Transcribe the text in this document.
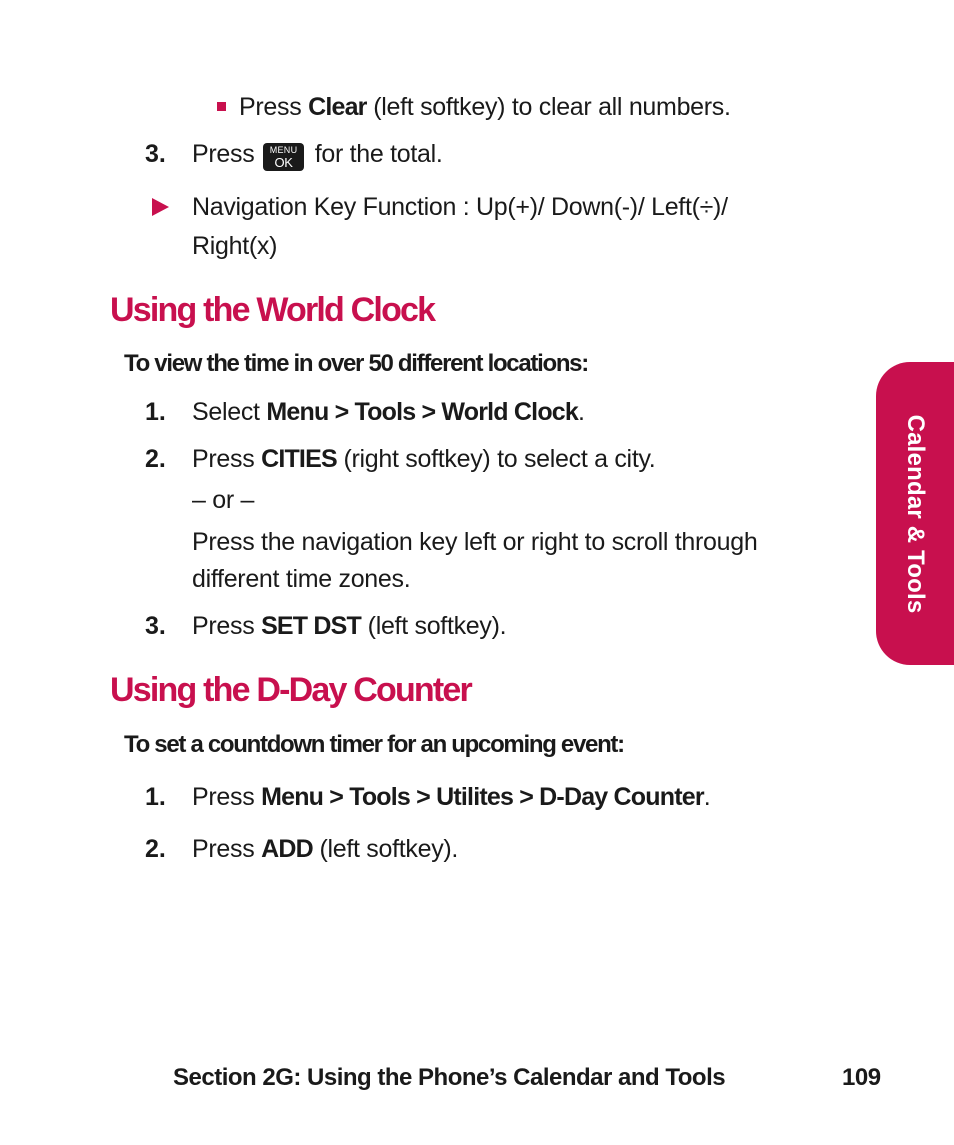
Press Clear (left softkey) to clear all numbers.
3. Press MENU
OK for the total.
Navigation Key Function : Up(+)/ Down(-)/ Left(÷)/
Right(x)
Using the World Clock
To view the time in over 50 different locations:
1. Select Menu > Tools > World Clock.
2. Press CITIES (right softkey) to select a city.
– or –
Press the navigation key left or right to scroll through
different time zones.
3. Press SET DST (left softkey).
Using the D-Day Counter
To set a countdown timer for an upcoming event:
1. Press Menu > Tools > Utilites > D-Day Counter.
2. Press ADD (left softkey).
Calendar & Tools
Section 2G: Using the Phone’s Calendar and Tools	109
